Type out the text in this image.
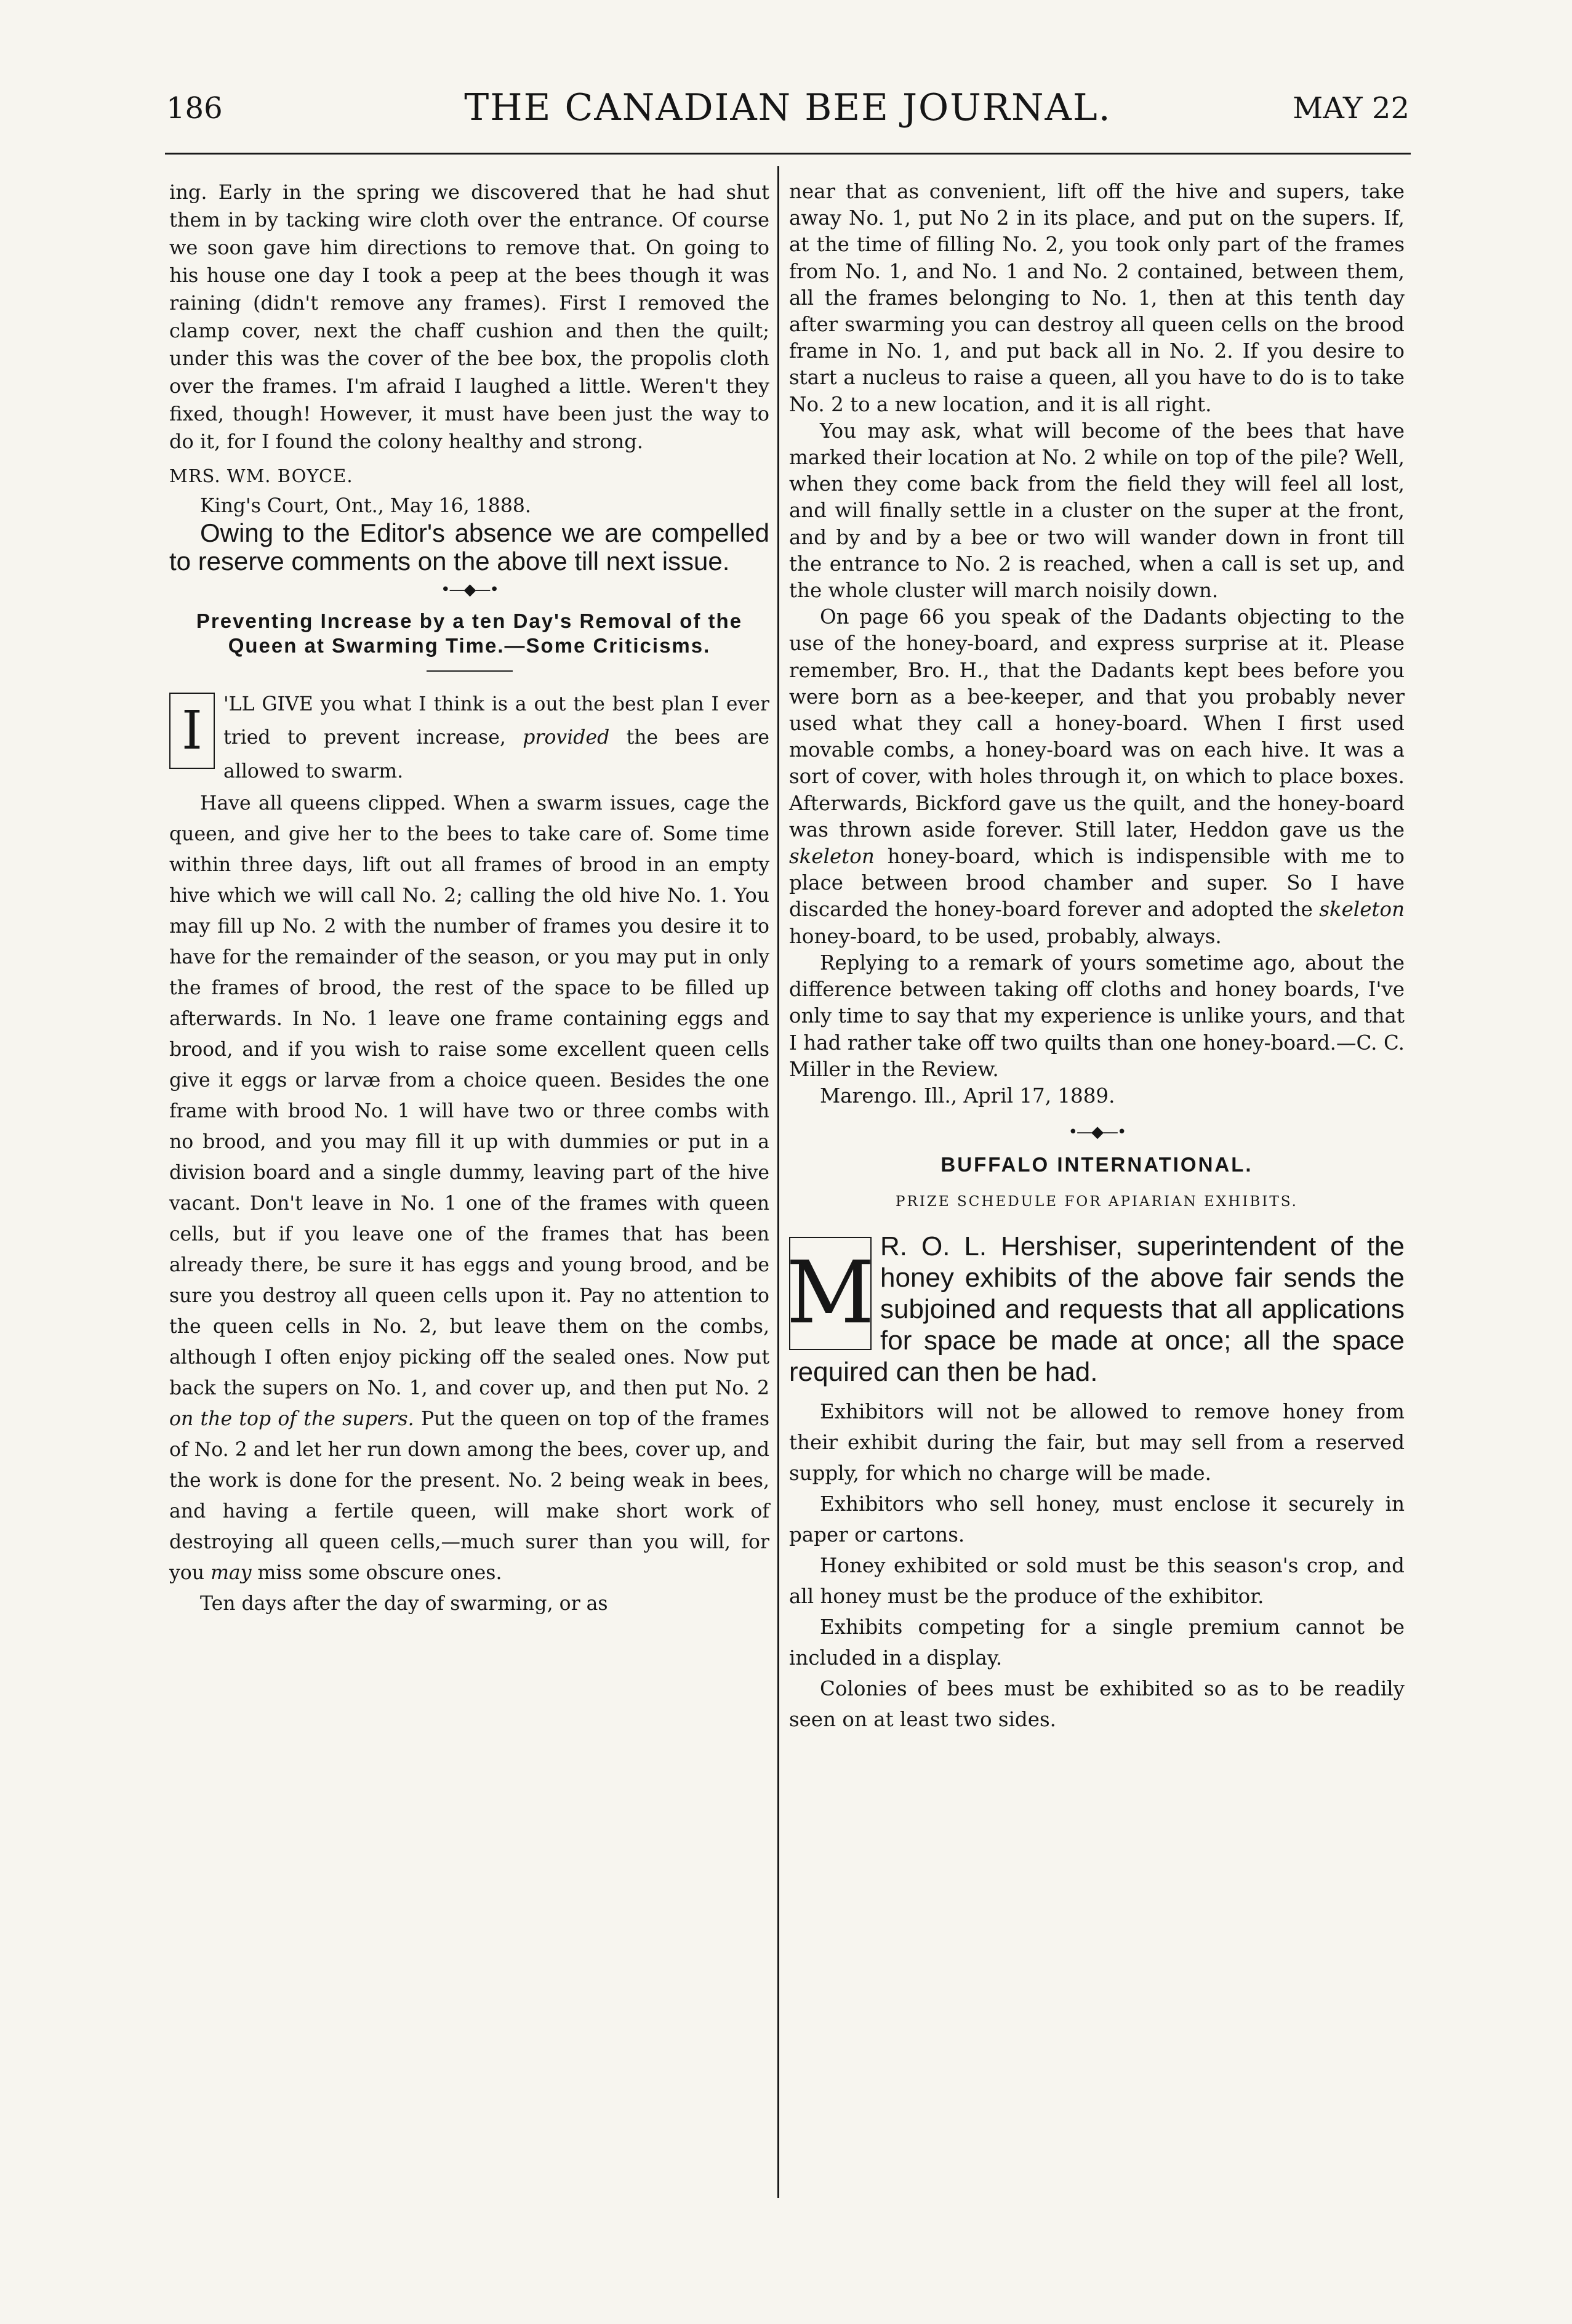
186	THE CANADIAN BEE JOURNAL.	MAY 22

ing. Early in the spring we discovered that he had shut them in by tacking wire cloth over the entrance. Of course we soon gave him directions to remove that. On going to his house one day I took a peep at the bees though it was raining (didn't remove any frames). First I removed the clamp cover, next the chaff cushion and then the quilt; under this was the cover of the bee box, the propolis cloth over the frames. I'm afraid I laughed a little. Weren't they fixed, though! However, it must have been just the way to do it, for I found the colony healthy and strong.

MRS. WM. BOYCE.

King's Court, Ont., May 16, 1888.

Owing to the Editor's absence we are compelled to reserve comments on the above till next issue.

•—◆—•
Preventing Increase by a ten Day's Removal of the Queen at Swarming Time.—Some Criticisms.

I	'LL GIVE you what I think is a out the best plan I ever tried to prevent increase, provided the bees are allowed to swarm.

Have all queens clipped. When a swarm issues, cage the queen, and give her to the bees to take care of. Some time within three days, lift out all frames of brood in an empty hive which we will call No. 2; calling the old hive No. 1. You may fill up No. 2 with the number of frames you desire it to have for the remainder of the season, or you may put in only the frames of brood, the rest of the space to be filled up afterwards. In No. 1 leave one frame containing eggs and brood, and if you wish to raise some excellent queen cells give it eggs or larvæ from a choice queen. Besides the one frame with brood No. 1 will have two or three combs with no brood, and you may fill it up with dummies or put in a division board and a single dummy, leaving part of the hive vacant. Don't leave in No. 1 one of the frames with queen cells, but if you leave one of the frames that has been already there, be sure it has eggs and young brood, and be sure you destroy all queen cells upon it. Pay no attention to the queen cells in No. 2, but leave them on the combs, although I often enjoy picking off the sealed ones. Now put back the supers on No. 1, and cover up, and then put No. 2 on the top of the supers. Put the queen on top of the frames of No. 2 and let her run down among the bees, cover up, and the work is done for the present. No. 2 being weak in bees, and having a fertile queen, will make short work of destroying all queen cells,—much surer than you will, for you may miss some obscure ones.

Ten days after the day of swarming, or as

near that as convenient, lift off the hive and supers, take away No. 1, put No 2 in its place, and put on the supers. If, at the time of filling No. 2, you took only part of the frames from No. 1, and No. 1 and No. 2 contained, between them, all the frames belonging to No. 1, then at this tenth day after swarming you can destroy all queen cells on the brood frame in No. 1, and put back all in No. 2. If you desire to start a nucleus to raise a queen, all you have to do is to take No. 2 to a new location, and it is all right.

You may ask, what will become of the bees that have marked their location at No. 2 while on top of the pile? Well, when they come back from the field they will feel all lost, and will finally settle in a cluster on the super at the front, and by and by a bee or two will wander down in front till the entrance to No. 2 is reached, when a call is set up, and the whole cluster will march noisily down.

On page 66 you speak of the Dadants objecting to the use of the honey-board, and express surprise at it. Please remember, Bro. H., that the Dadants kept bees before you were born as a bee-keeper, and that you probably never used what they call a honey-board. When I first used movable combs, a honey-board was on each hive. It was a sort of cover, with holes through it, on which to place boxes. Afterwards, Bickford gave us the quilt, and the honey-board was thrown aside forever. Still later, Heddon gave us the skeleton honey-board, which is indispensible with me to place between brood chamber and super. So I have discarded the honey-board forever and adopted the skeleton honey-board, to be used, probably, always.

Replying to a remark of yours sometime ago, about the difference between taking off cloths and honey boards, I've only time to say that my experience is unlike yours, and that I had rather take off two quilts than one honey-board.—C. C. Miller in the Review.

Marengo. Ill., April 17, 1889.

•—◆—•
BUFFALO INTERNATIONAL.
PRIZE SCHEDULE FOR APIARIAN EXHIBITS.

M R. O. L. Hershiser, superintendent of the honey exhibits of the above fair sends the subjoined and requests that all applications for space be made at once; all the space required can then be had.

Exhibitors will not be allowed to remove honey from their exhibit during the fair, but may sell from a reserved supply, for which no charge will be made.

Exhibitors who sell honey, must enclose it securely in paper or cartons.

Honey exhibited or sold must be this season's crop, and all honey must be the produce of the exhibitor.

Exhibits competing for a single premium cannot be included in a display.

Colonies of bees must be exhibited so as to be readily seen on at least two sides.
